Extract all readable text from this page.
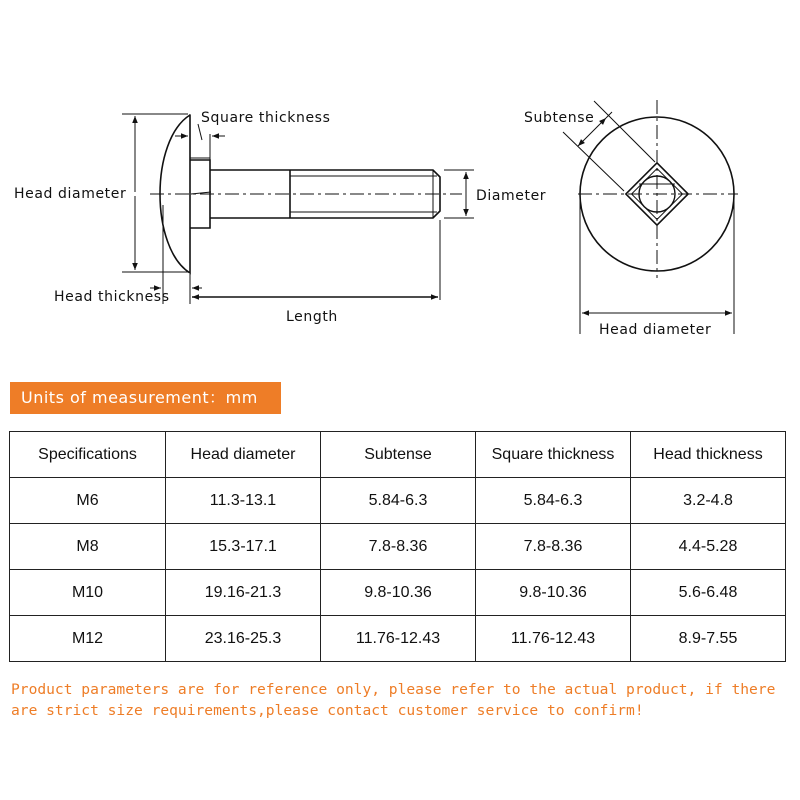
Square thickness
Head diameter	Diameter
Head thickness
Length
Subtense
Head diameter
Units of measurement：mm
Specifications	Head diameter	Subtense	Square thickness	Head thickness
M6	11.3-13.1	5.84-6.3	5.84-6.3	3.2-4.8
M8	15.3-17.1	7.8-8.36	7.8-8.36	4.4-5.28
M10	19.16-21.3	9.8-10.36	9.8-10.36	5.6-6.48
M12	23.16-25.3	11.76-12.43	11.76-12.43	8.9-7.55
Product parameters are for reference only, please refer to the actual product, if there
are strict size requirements,please contact customer service to confirm!
